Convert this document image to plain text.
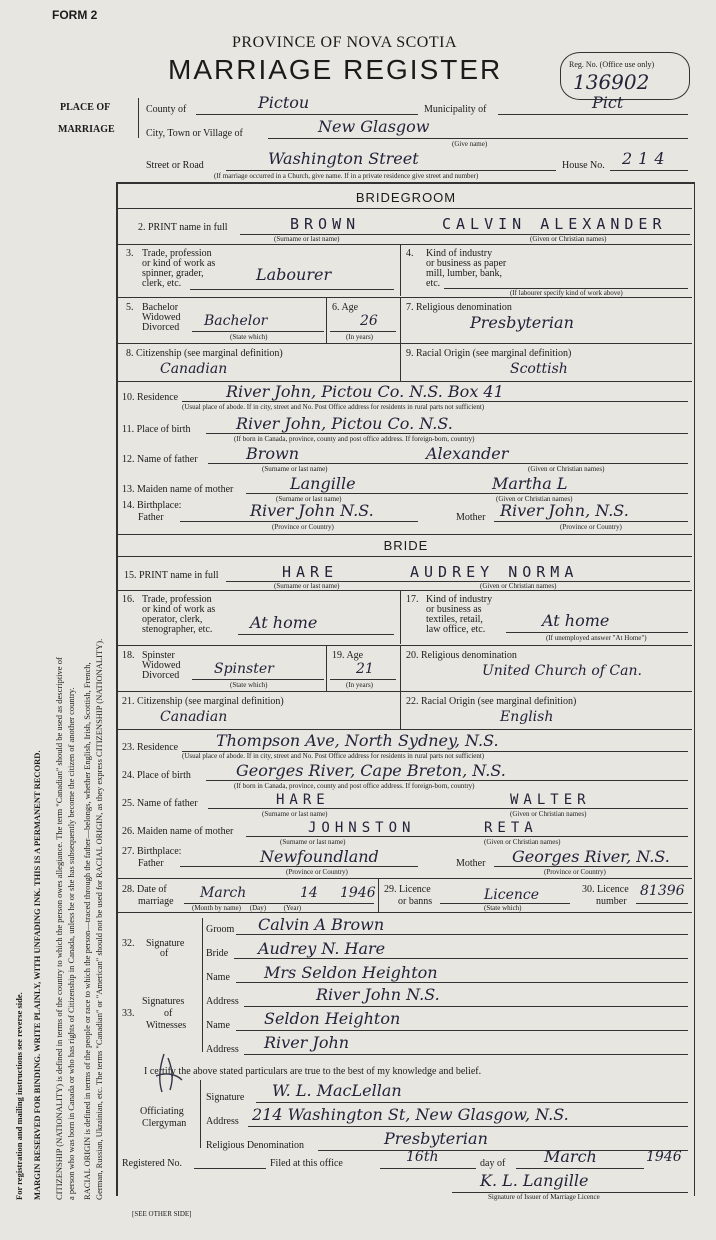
For registration and mailing instructions see reverse side. MARGIN RESERVED FOR BINDING. WRITE PLAINLY, WITH UNFADING INK. THIS IS A PERMANENT RECORD. CITIZENSHIP (NATIONALITY) is defined in terms of the country to which the person owes allegiance. The term "Canadian" should be used as descriptive of a person who was born in Canada or who has rights of Citizenship in Canada, unless he or she has subsequently become the citizen of another country. RACIAL ORIGIN is defined in terms of the people or race to which the person—traced through the father—belongs, whether English, Irish, Scottish, French, German, Russian, Ukrainian, etc. The terms "Canadian" or "American" should not be used for RACIAL ORIGIN, as they express CITIZENSHIP (NATIONALITY).
FORM 2
PROVINCE OF NOVA SCOTIA
MARRIAGE REGISTER	Reg. No. (Office use only)
136902
PLACE OF
MARRIAGE
County of	Pictou	Municipality of	Pict
City, Town or Village of	New Glasgow
(Give name)
Street or Road	Washington Street	House No. 214
(If marriage occurred in a Church, give name. If in a private residence give street and number)
BRIDEGROOM
2. PRINT name in full	BROWN	CALVIN ALEXANDER
(Surname or last name)	(Given or Christian names)
3. Trade, profession
or kind of work as
spinner, grader,
clerk, etc.	Labourer
4. Kind of industry
or business as paper
mill, lumber, bank,
etc.
(If labourer specify kind of work above)
5. Bachelor
Widowed
Divorced Bachelor
(State which)
6. Age
26
(In years)
7. Religious denomination
Presbyterian
8. Citizenship (see marginal definition)
Canadian
9. Racial Origin (see marginal definition)
Scottish
10. Residence	River John, Pictou Co. N.S. Box 41
(Usual place of abode. If in city, street and No. Post Office address for residents in rural parts not sufficient)
11. Place of birth	River John, Pictou Co. N.S.
(If born in Canada, province, county and post office address. If foreign-born, country)
12. Name of father	Brown	Alexander
(Surname or last name)	(Given or Christian names)
13. Maiden name of mother	Langille	Martha L
(Surname or last name)	(Given or Christian names)
14. Birthplace:
Father	River John N.S.	Mother River John, N.S.
(Province or Country)	(Province or Country)
BRIDE
15. PRINT name in full	HARE	AUDREY NORMA
(Surname or last name)	(Given or Christian names)
16. Trade, profession
or kind of work as
operator, clerk,
stenographer, etc. At home
17. Kind of industry
or business as
textiles, retail,
law office, etc.	At home
(If unemployed answer "At Home")
18. Spinster
Widowed
Divorced Spinster
(State which)
19. Age
21
(In years)
20. Religious denomination
United Church of Can.
21. Citizenship (see marginal definition)
Canadian
22. Racial Origin (see marginal definition)
English
23. Residence Thompson Ave, North Sydney, N.S.
(Usual place of abode. If in city, street and No. Post Office address for residents in rural parts not sufficient)
24. Place of birth	Georges River, Cape Breton, N.S.
(If born in Canada, province, county and post office address. If foreign-born, country)
25. Name of father	HARE	WALTER
(Surname or last name)	(Given or Christian names)
26. Maiden name of mother	JOHNSTON	RETA
(Surname or last name)	(Given or Christian names)
27. Birthplace:
Father	Newfoundland	Mother Georges River, N.S.
(Province or Country)	(Province or Country)
28. Date of
marriage
March	14 1946
(Month by name)     (Day)          (Year)
29. Licence
or banns	Licence
(State which)
30. Licence
number
81396
32. Signature
of
Groom Calvin A Brown
Bride Audrey N. Hare
33.
Signatures
of
Witnesses
Name Mrs Seldon Heighton
Address	River John N.S.
Name Seldon Heighton
Address River John
I certify the above stated particulars are true to the best of my knowledge and belief.
Officiating
Clergyman
Signature W. L. MacLellan
Address 214 Washington St, New Glasgow, N.S.
Religious Denomination	Presbyterian
Registered No.	Filed at this office	16th	day of March	1946
K. L. Langille
Signature of Issuer of Marriage Licence
[SEE OTHER SIDE]
